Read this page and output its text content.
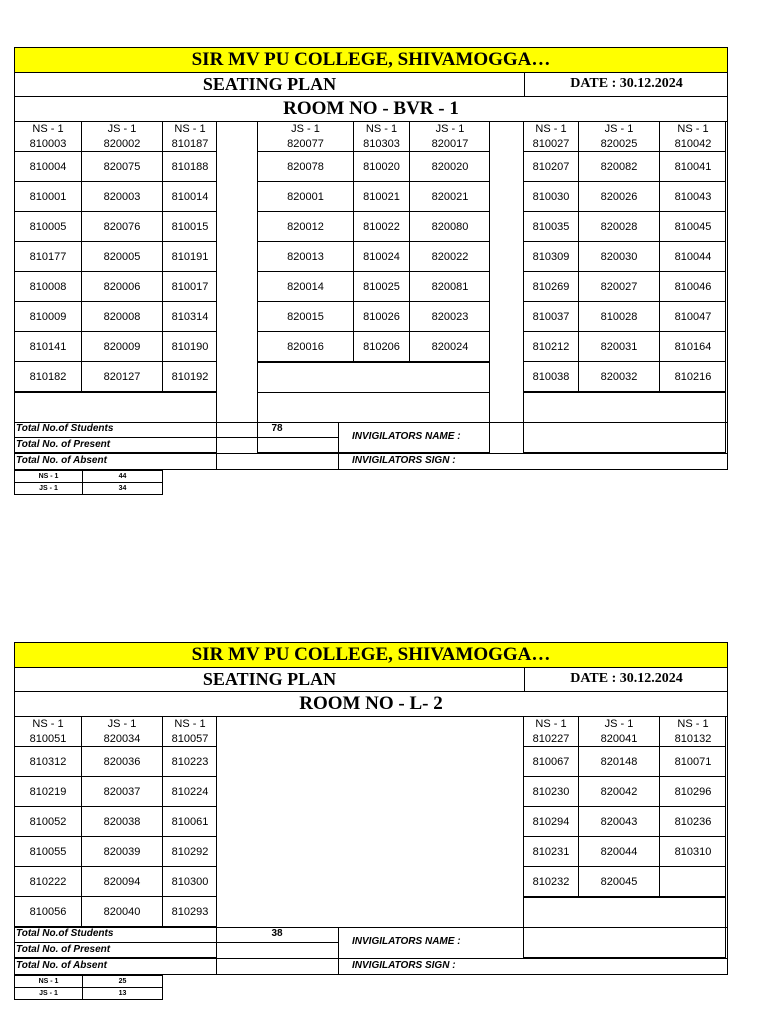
SIR MV PU COLLEGE, SHIVAMOGGA…
SEATING PLAN	DATE : 30.12.2024
ROOM NO - BVR - 1
NS - 1
810003
JS - 1
820002
NS - 1
810187
810004	820075	810188
810001	820003	810014
810005	820076	810015
810177	820005	810191
810008	820006	810017
810009	820008	810314
810141	820009	810190
810182	820127	810192
JS - 1
820077
NS - 1
810303
JS - 1
820017
820078	810020	820020
820001	810021	820021
820012	810022	820080
820013	810024	820022
820014	810025	820081
820015	810026	820023
820016	810206	820024
NS - 1
810027
JS - 1
820025
NS - 1
810042
810207	820082	810041
810030	820026	810043
810035	820028	810045
810309	820030	810044
810269	820027	810046
810037	810028	810047
810212	820031	810164
810038	820032	810216
Total No.of Students	78
Total No. of Present
Total No. of Absent
INVIGILATORS NAME :
INVIGILATORS SIGN :
NS - 1	44
JS - 1	34
SIR MV PU COLLEGE, SHIVAMOGGA…
SEATING PLAN	DATE : 30.12.2024
ROOM NO - L- 2
NS - 1
810051
JS - 1
820034
NS - 1
810057
810312	820036	810223
810219	820037	810224
810052	820038	810061
810055	820039	810292
810222	820094	810300
810056	820040	810293
NS - 1
810227
JS - 1
820041
NS - 1
810132
810067	820148	810071
810230	820042	810296
810294	820043	810236
810231	820044	810310
810232	820045
Total No.of Students	38
Total No. of Present
Total No. of Absent
INVIGILATORS NAME :
INVIGILATORS SIGN :
NS - 1	25
JS - 1	13
